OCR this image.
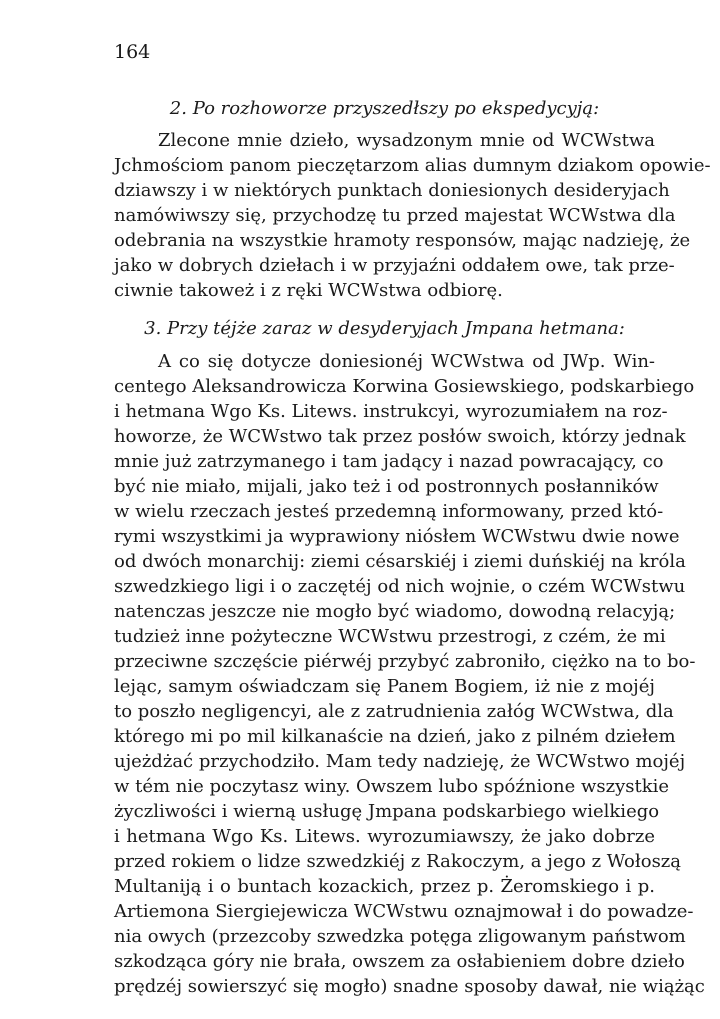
164
2. Po rozhoworze przyszedłszy po ekspedycyją:
Zlecone mnie dzieło, wysadzonym mnie od WCWstwa
Jchmościom panom pieczętarzom alias dumnym dziakom opowie-
dziawszy i w niektórych punktach doniesionych desideryjach
namówiwszy się, przychodzę tu przed majestat WCWstwa dla
odebrania na wszystkie hramoty responsów, mając nadzieję, że
jako w dobrych dziełach i w przyjaźni oddałem owe, tak prze-
ciwnie takoweż i z ręki WCWstwa odbiorę.
3. Przy téjże zaraz w desyderyjach Jmpana hetmana:
A co się dotycze doniesionéj WCWstwa od JWp. Win-
centego Aleksandrowicza Korwina Gosiewskiego, podskarbiego
i hetmana Wgo Ks. Litews. instrukcyi, wyrozumiałem na roz-
howorze, że WCWstwo tak przez posłów swoich, którzy jednak
mnie już zatrzymanego i tam jadący i nazad powracający, co
być nie miało, mijali, jako też i od postronnych posłanników
w wielu rzeczach jesteś przedemną informowany, przed któ-
rymi wszystkimi ja wyprawiony niósłem WCWstwu dwie nowe
od dwóch monarchij: ziemi césarskiéj i ziemi duńskiéj na króla
szwedzkiego ligi i o zaczętéj od nich wojnie, o czém WCWstwu
natenczas jeszcze nie mogło być wiadomo, dowodną relacyją;
tudzież inne pożyteczne WCWstwu przestrogi, z czém, że mi
przeciwne szczęście piérwéj przybyć zabroniło, ciężko na to bo-
lejąc, samym oświadczam się Panem Bogiem, iż nie z mojéj
to poszło negligencyi, ale z zatrudnienia załóg WCWstwa, dla
którego mi po mil kilkanaście na dzień, jako z pilném dziełem
ujeżdżać przychodziło. Mam tedy nadzieję, że WCWstwo mojéj
w tém nie poczytasz winy. Owszem lubo spóźnione wszystkie
życzliwości i wierną usługę Jmpana podskarbiego wielkiego
i hetmana Wgo Ks. Litews. wyrozumiawszy, że jako dobrze
przed rokiem o lidze szwedzkiéj z Rakoczym, a jego z Wołoszą
Multaniją i o buntach kozackich, przez p. Żeromskiego i p.
Artiemona Siergiejewicza WCWstwu oznajmował i do powadze-
nia owych (przezcoby szwedzka potęga zligowanym państwom
szkodząca góry nie brała, owszem za osłabieniem dobre dzieło
prędzéj sowierszyć się mogło) snadne sposoby dawał, nie wiążąc
